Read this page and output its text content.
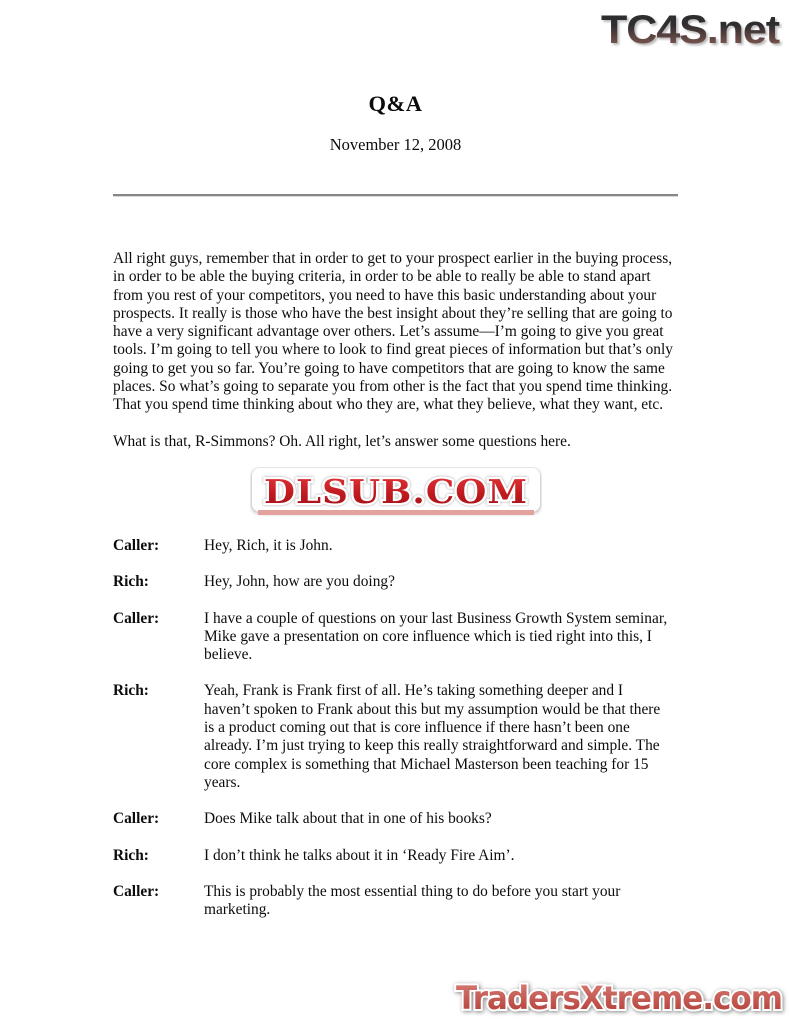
TC4S.net
Q&A
November 12, 2008

All right guys, remember that in order to get to your prospect earlier in the buying process, in order to be able the buying criteria, in order to be able to really be able to stand apart from you rest of your competitors, you need to have this basic understanding about your prospects. It really is those who have the best insight about they’re selling that are going to have a very significant advantage over others. Let’s assume—I’m going to give you great tools. I’m going to tell you where to look to find great pieces of information but that’s only going to get you so far. You’re going to have competitors that are going to know the same places. So what’s going to separate you from other is the fact that you spend time thinking. That you spend time thinking about who they are, what they believe, what they want, etc.

What is that, R-Simmons? Oh. All right, let’s answer some questions here.

DLSUB.COM
Caller:	Hey, Rich, it is John.
Rich:	Hey, John, how are you doing?
Caller:	I have a couple of questions on your last Business Growth System seminar, Mike gave a presentation on core influence which is tied right into this, I believe.
Rich:	Yeah, Frank is Frank first of all. He’s taking something deeper and I haven’t spoken to Frank about this but my assumption would be that there is a product coming out that is core influence if there hasn’t been one already. I’m just trying to keep this really straightforward and simple. The core complex is something that Michael Masterson been teaching for 15 years.
Caller:	Does Mike talk about that in one of his books?
Rich:	I don’t think he talks about it in ‘Ready Fire Aim’.
Caller:	This is probably the most essential thing to do before you start your marketing.
TradersXtreme.com
